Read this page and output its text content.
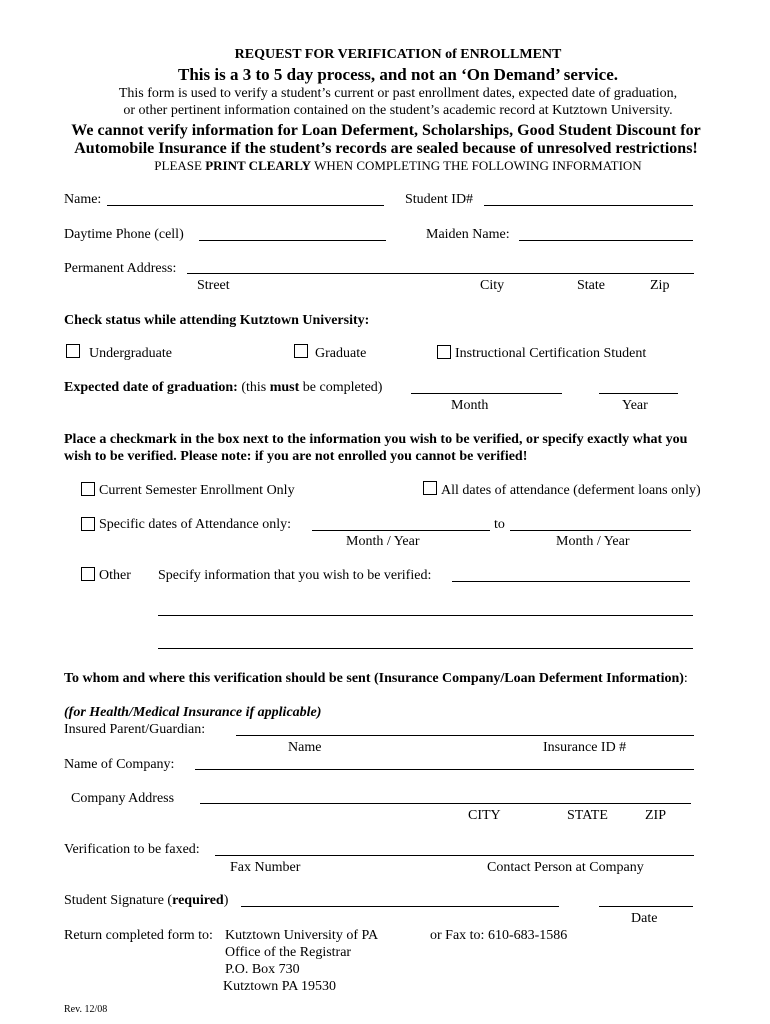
REQUEST FOR VERIFICATION of ENROLLMENT
This is a 3 to 5 day process, and not an ‘On Demand’ service.
This form is used to verify a student’s current or past enrollment dates, expected date of graduation,
or other pertinent information contained on the student’s academic record at Kutztown University.
We cannot verify information for Loan Deferment, Scholarships, Good Student Discount for
Automobile Insurance if the student’s records are sealed because of unresolved restrictions!
PLEASE PRINT CLEARLY WHEN COMPLETING THE FOLLOWING INFORMATION
Name:	Student ID#
Daytime Phone (cell)	Maiden Name:
Permanent Address:
Street	City	State	Zip
Check status while attending Kutztown University:
Undergraduate	Graduate	Instructional Certification Student
Expected date of graduation: (this must be completed)
Month	Year
Place a checkmark in the box next to the information you wish to be verified, or specify exactly what you
wish to be verified. Please note: if you are not enrolled you cannot be verified!
Current Semester Enrollment Only	All dates of attendance (deferment loans only)
Specific dates of Attendance only:	to
Month / Year	Month / Year
Other Specify information that you wish to be verified:
To whom and where this verification should be sent (Insurance Company/Loan Deferment Information):
(for Health/Medical Insurance if applicable)
Insured Parent/Guardian:
Name	Insurance ID #
Name of Company:
Company Address
CITY	STATE	ZIP
Verification to be faxed:
Fax Number	Contact Person at Company
Student Signature (required)
Date
Return completed form to: Kutztown University of PA	or Fax to: 610-683-1586
Office of the Registrar
P.O. Box 730
Kutztown PA 19530
Rev. 12/08
